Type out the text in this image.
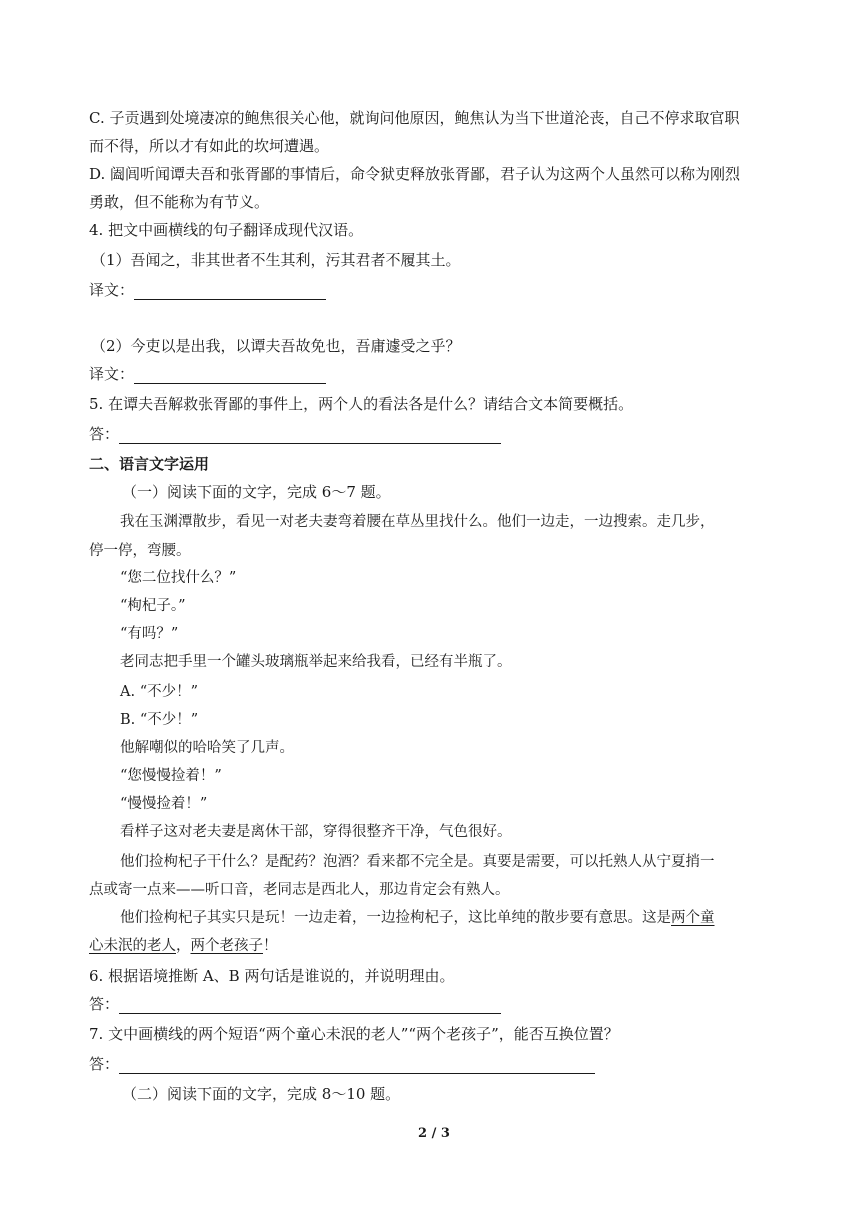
C. 子贡遇到处境凄凉的鲍焦很关心他，就询问他原因，鲍焦认为当下世道沦丧，自己不停求取官职
而不得，所以才有如此的坎坷遭遇。
D. 阖闾听闻谭夫吾和张胥鄙的事情后，命令狱吏释放张胥鄙，君子认为这两个人虽然可以称为刚烈
勇敢，但不能称为有节义。
4. 把文中画横线的句子翻译成现代汉语。
（1）吾闻之，非其世者不生其利，污其君者不履其土。
译文：
（2）今吏以是出我，以谭夫吾故免也，吾庸遽受之乎？
译文：
5. 在谭夫吾解救张胥鄙的事件上，两个人的看法各是什么？请结合文本简要概括。
答：
二、语言文字运用
（一）阅读下面的文字，完成 6～7 题。
我在玉渊潭散步，看见一对老夫妻弯着腰在草丛里找什么。他们一边走，一边搜索。走几步，
停一停，弯腰。
“您二位找什么？”
“枸杞子。”
“有吗？”
老同志把手里一个罐头玻璃瓶举起来给我看，已经有半瓶了。
A. “不少！”
B. “不少！”
他解嘲似的哈哈笑了几声。
“您慢慢捡着！”
“慢慢捡着！”
看样子这对老夫妻是离休干部，穿得很整齐干净，气色很好。
他们捡枸杞子干什么？是配药？泡酒？看来都不完全是。真要是需要，可以托熟人从宁夏捎一
点或寄一点来——听口音，老同志是西北人，那边肯定会有熟人。
他们捡枸杞子其实只是玩！一边走着，一边捡枸杞子，这比单纯的散步要有意思。这是两个童
心未泯的老人，两个老孩子！
6. 根据语境推断 A、B 两句话是谁说的，并说明理由。
答：
7. 文中画横线的两个短语“两个童心未泯的老人”“两个老孩子”，能否互换位置？
答：
（二）阅读下面的文字，完成 8～10 题。
2 / 3
